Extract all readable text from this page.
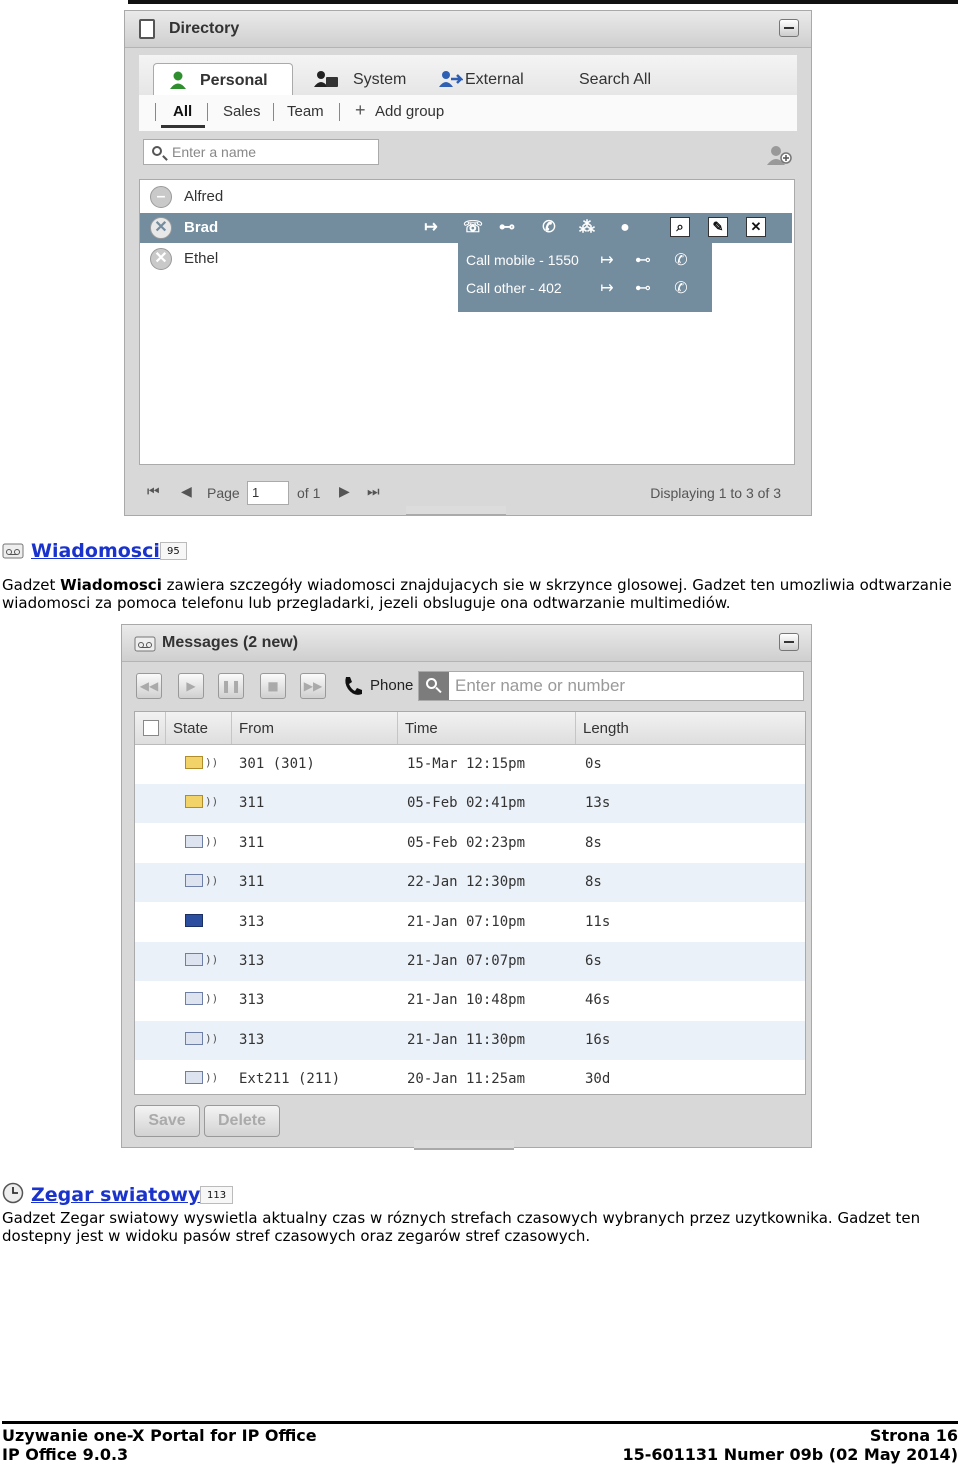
Directory
Personal	System	External	Search All
All Sales Team + Add group
Enter a name
–	Alfred
✕ Brad	↦ ☏ ⊷ ✆ ⁂	●	⌕	✎	✕
✕ Ethel	Call mobile - 1550 ↦ ⊷ ✆
Call other - 402 ↦ ⊷ ✆
⏮ ◀ Page 1	of 1 ▶ ⏭	Displaying 1 to 3 of 3
Wiadomosci 95
Gadzet Wiadomosci zawiera szczegóły wiadomosci znajdujacych sie w skrzynce glosowej. Gadzet ten umozliwia odtwarzanie wiadomosci za pomoca telefonu lub przegladarki, jezeli obsluguje ona odtwarzanie multimediów.
Messages (2 new)
◀◀	▶	❚❚	■	▶▶	Phone Enter name or number
State From	Time	Length
)) 301 (301)	15-Mar 12:15pm	0s
)) 311	05-Feb 02:41pm	13s
)) 311	05-Feb 02:23pm	8s
)) 311	22-Jan 12:30pm	8s
313	21-Jan 07:10pm	11s
)) 313	21-Jan 07:07pm	6s
)) 313	21-Jan 10:48pm	46s
)) 313	21-Jan 11:30pm	16s
)) Ext211 (211)	20-Jan 11:25am	30d
Save	Delete
Zegar swiatowy 113
Gadzet Zegar swiatowy wyswietla aktualny czas w róznych strefach czasowych wybranych przez uzytkownika. Gadzet ten dostepny jest w widoku pasów stref czasowych oraz zegarów stref czasowych.
Uzywanie one-X Portal for IP Office
IP Office 9.0.3
Strona 16
15-601131 Numer 09b (02 May 2014)
